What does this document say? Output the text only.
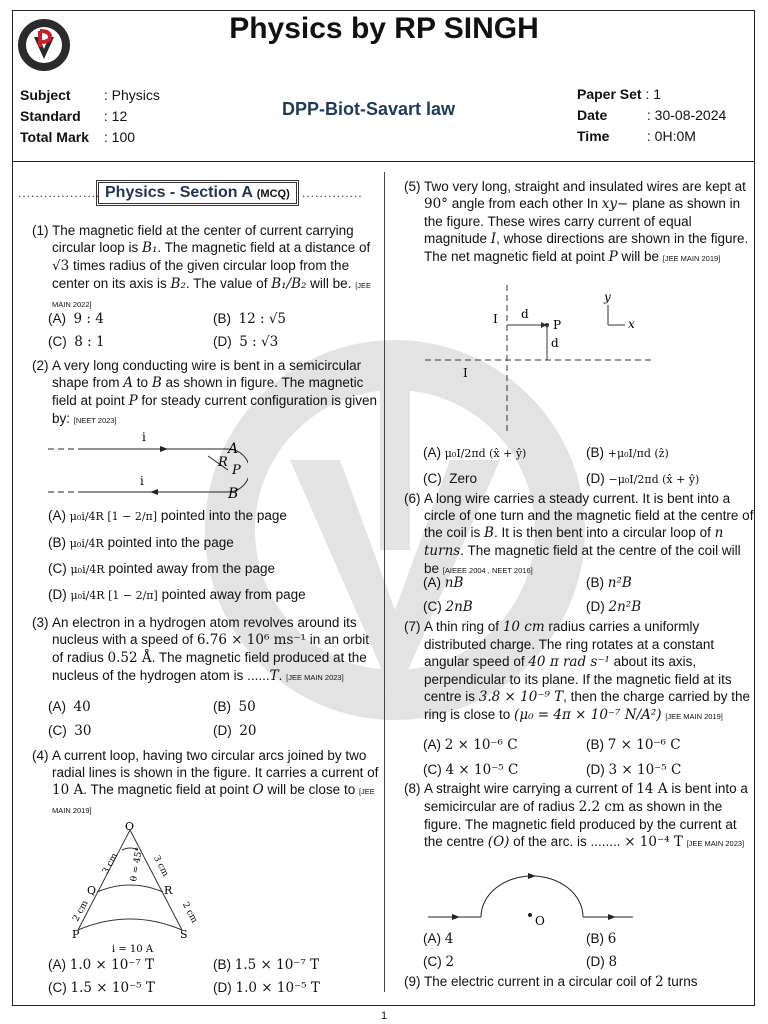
Physics by RP SINGH
Subject : Physics
Standard : 12
Total Mark : 100
DPP-Biot-Savart law
Paper Set : 1
Date	: 30-08-2024
Time	: 0H:0M
................... Physics - Section A (MCQ)	..............
(1) The magnetic field at the center of current carrying circular loop is B₁. The magnetic field at a distance of √3 times radius of the given circular loop from the center on its axis is B₂. The value of B₁/B₂ will be. [JEE MAIN 2022]
(A) 9 : 4	(B) 12 : √5
(C) 8 : 1	(D) 5 : √3
(2) A very long conducting wire is bent in a semicircular shape from A to B as shown in figure. The magnetic field at point P for steady current configuration is given by: [NEET 2023]
i
i
A
B
R
P
(A) μ₀i/4R [1 − 2/π] pointed into the page
(B) μ₀i/4R pointed into the page
(C) μ₀i/4R pointed away from the page
(D) μ₀i/4R [1 − 2/π] pointed away from page
(3) An electron in a hydrogen atom revolves around its nucleus with a speed of 6.76 × 10⁶ ms⁻¹ in an orbit of radius 0.52 Å. The magnetic field produced at the nucleus of the hydrogen atom is ......T. [JEE MAIN 2023]
(A) 40	(B) 50
(C) 30	(D) 20
(4) A current loop, having two circular arcs joined by two radial lines is shown in the figure. It carries a current of 10 A. The magnetic field at point O will be close to [JEE MAIN 2019]
O
Q	R
P	S
3 cm	3 cm
2 cm	2 cm
θ = 45°
i = 10 A
(A) 1.0 × 10⁻⁷ T	(B) 1.5 × 10⁻⁷ T
(C) 1.5 × 10⁻⁵ T	(D) 1.0 × 10⁻⁵ T
(5) Two very long, straight and insulated wires are kept at 90° angle from each other In xy− plane as shown in the figure. These wires carry current of equal magnitude I, whose directions are shown in the figure. The net magnetic field at point P will be [JEE MAIN 2019]
I
I
d
d
P
y
x
(A) μ₀I/2πd (x̂ + ŷ)	(B) +μ₀I/πd (ẑ)
(C) Zero	(D) −μ₀I/2πd (x̂ + ŷ)
(6) A long wire carries a steady current. It is bent into a circle of one turn and the magnetic field at the centre of the coil is B. It is then bent into a circular loop of n turns. The magnetic field at the centre of the coil will be [AIEEE 2004 , NEET 2016]
(A) nB	(B) n²B
(C) 2nB	(D) 2n²B
(7) A thin ring of 10 cm radius carries a uniformly distributed charge. The ring rotates at a constant angular speed of 40 π rad s⁻¹ about its axis, perpendicular to its plane. If the magnetic field at its centre is 3.8 × 10⁻⁹ T, then the charge carried by the ring is close to (μ₀ = 4π × 10⁻⁷ N/A²) [JEE MAIN 2019]
(A) 2 × 10⁻⁶ C	(B) 7 × 10⁻⁶ C
(C) 4 × 10⁻⁵ C	(D) 3 × 10⁻⁵ C
(8) A straight wire carrying a current of 14 A is bent into a semicircular are of radius 2.2 cm as shown in the figure. The magnetic field produced by the current at the centre (O) of the arc. is ........ × 10⁻⁴ T [JEE MAIN 2023]
O
(A) 4	(B) 6
(C) 2	(D) 8
(9) The electric current in a circular coil of 2 turns
1
